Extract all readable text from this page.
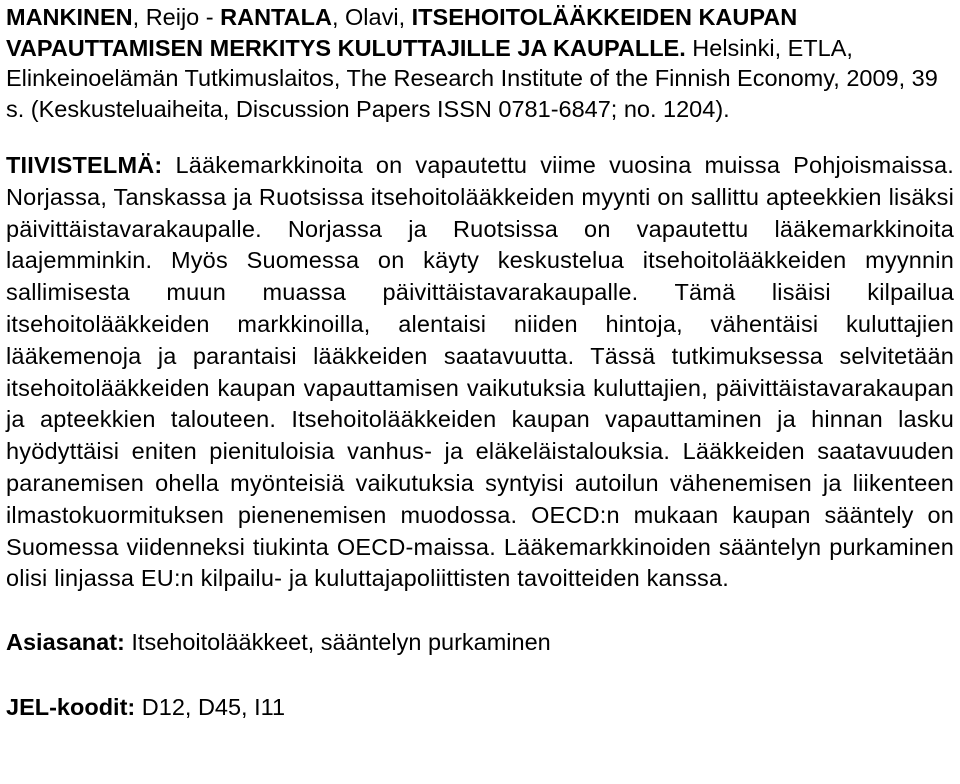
MANKINEN, Reijo - RANTALA, Olavi, ITSEHOITOLÄÄKKEIDEN KAUPAN VAPAUTTAMISEN MERKITYS KULUTTAJILLE JA KAUPALLE. Helsinki, ETLA, Elinkeinoelämän Tutkimuslaitos, The Research Institute of the Finnish Economy, 2009, 39 s. (Keskusteluaiheita, Discussion Papers ISSN 0781-6847; no. 1204).

TIIVISTELMÄ: Lääkemarkkinoita on vapautettu viime vuosina muissa Pohjoismaissa. Norjassa, Tanskassa ja Ruotsissa itsehoitolääkkeiden myynti on sallittu apteekkien lisäksi päivittäistavarakaupalle. Norjassa ja Ruotsissa on vapautettu lääkemarkkinoita laajemminkin. Myös Suomessa on käyty keskustelua itsehoitolääkkeiden myynnin sallimisesta muun muassa päivittäistavarakaupalle. Tämä lisäisi kilpailua itsehoitolääkkeiden markkinoilla, alentaisi niiden hintoja, vähentäisi kuluttajien lääkemenoja ja parantaisi lääkkeiden saatavuutta. Tässä tutkimuksessa selvitetään itsehoitolääkkeiden kaupan vapauttamisen vaikutuksia kuluttajien, päivittäistavarakaupan ja apteekkien talouteen. Itsehoitolääkkeiden kaupan vapauttaminen ja hinnan lasku hyödyttäisi eniten pienituloisia vanhus- ja eläkeläistalouksia. Lääkkeiden saatavuuden paranemisen ohella myönteisiä vaikutuksia syntyisi autoilun vähenemisen ja liikenteen ilmastokuormituksen pienenemisen muodossa. OECD:n mukaan kaupan sääntely on Suomessa viidenneksi tiukinta OECD-maissa. Lääkemarkkinoiden sääntelyn purkaminen olisi linjassa EU:n kilpailu- ja kuluttajapoliittisten tavoitteiden kanssa.

Asiasanat: Itsehoitolääkkeet, sääntelyn purkaminen

JEL-koodit: D12, D45, I11
